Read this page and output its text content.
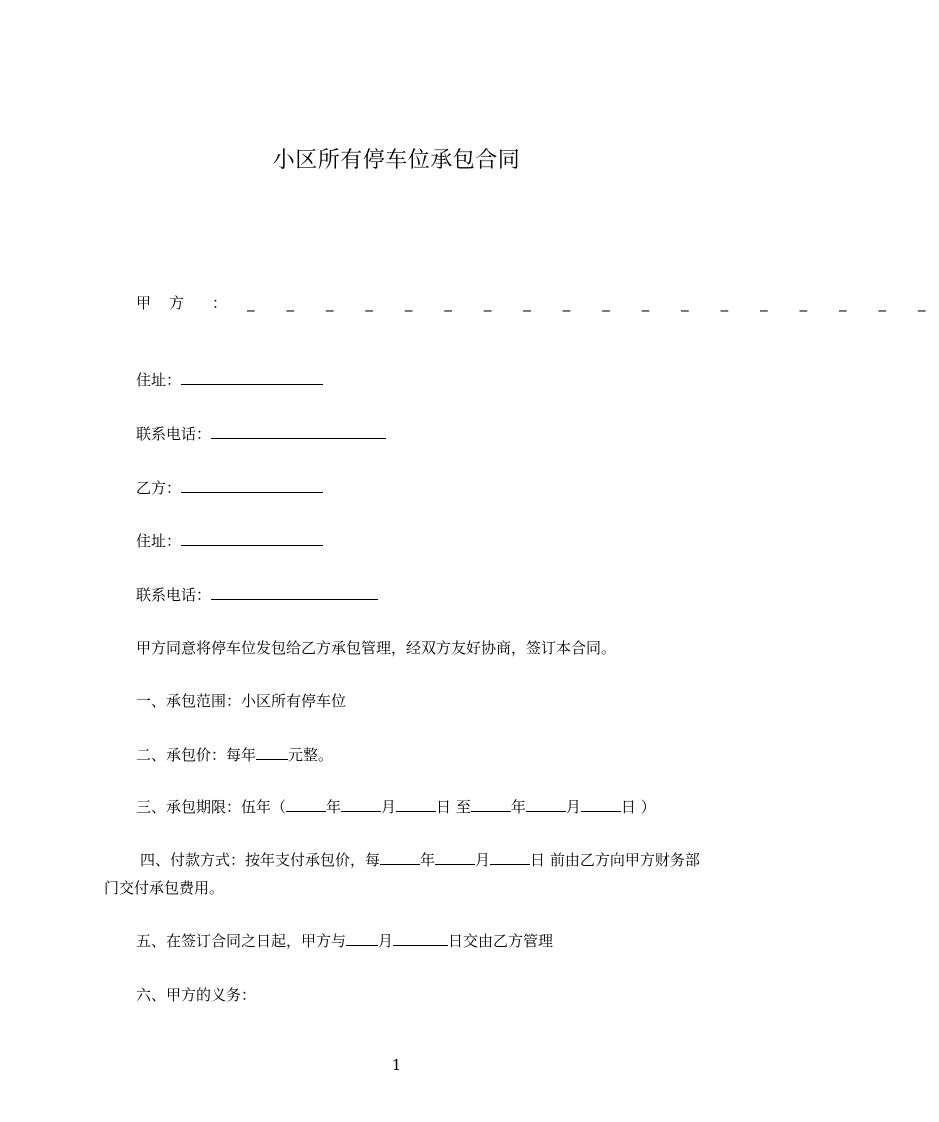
小区所有停车位承包合同
甲方 ： _ _ _ _ _ _ _ _ _ _ _ _ _ _ _ _ _ _
住址：
联系电话：
乙方：
住址：
联系电话：
甲方同意将停车位发包给乙方承包管理，经双方友好协商，签订本合同。
一、承包范围：小区所有停车位
二、承包价：每年 元整。
三、承包期限：伍年（	年	月	日 至	年	月	日 ）
四、付款方式：按年支付承包价，每	年	月	日 前由乙方向甲方财务部门交付承包费用。
五、在签订合同之日起，甲方与 月	日交由乙方管理
六、甲方的义务：
1
